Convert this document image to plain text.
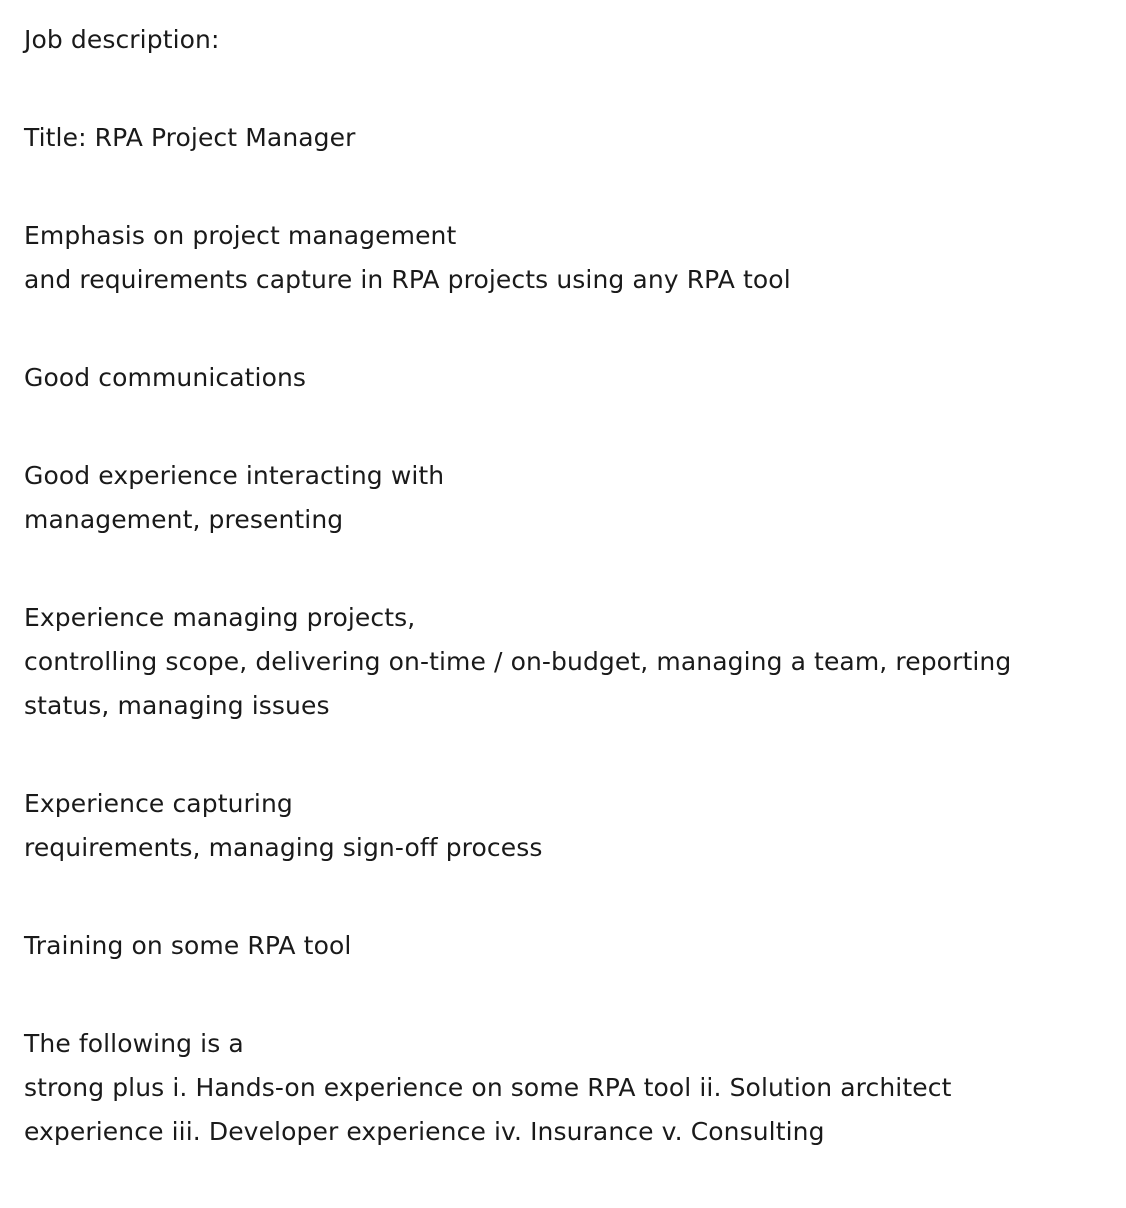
Job description:

Title: RPA Project Manager

Emphasis on project management
and requirements capture in RPA projects using any RPA tool

Good communications

Good experience interacting with
management, presenting

Experience managing projects,
controlling scope, delivering on-time / on-budget, managing a team, reporting
status, managing issues

Experience capturing
requirements, managing sign-off process

Training on some RPA tool

The following is a
strong plus i. Hands-on experience on some RPA tool ii. Solution architect
experience iii. Developer experience iv. Insurance v. Consulting
